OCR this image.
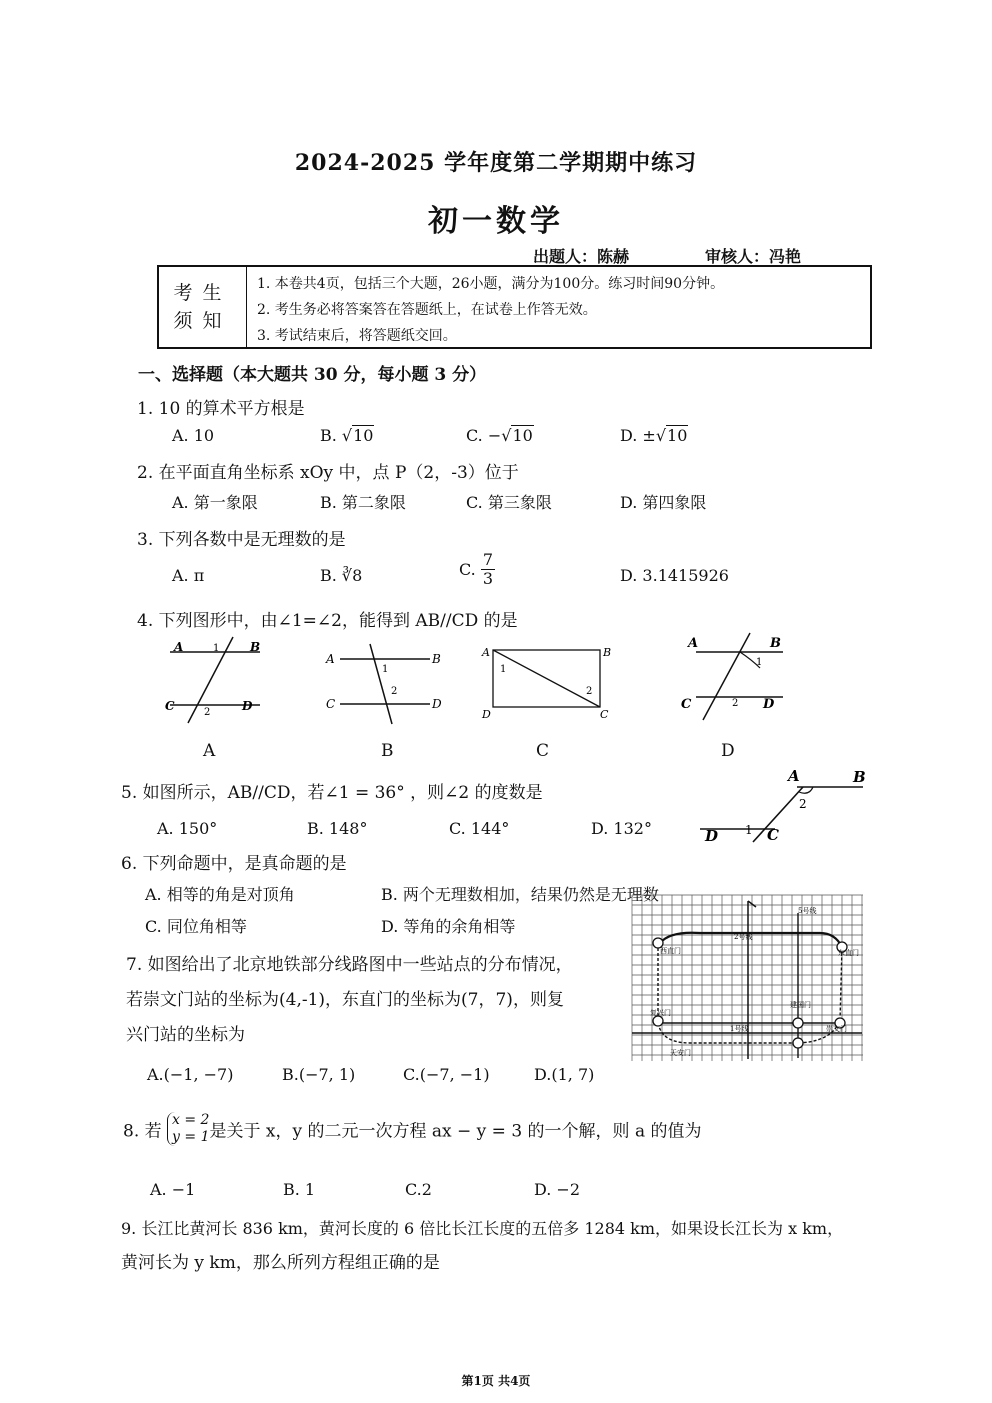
2024-2025 学年度第二学期期中练习
初一数学
出题人：陈赫	审核人：冯艳
考生
须知
1. 本卷共4页，包括三个大题，26小题，满分为100分。练习时间90分钟。
2. 考生务必将答案答在答题纸上，在试卷上作答无效。
3. 考试结束后，将答题纸交回。
一、选择题（本大题共 30 分，每小题 3 分）
1. 10 的算术平方根是
A. 10	B. √10	C. −√10	D. ±√10
2. 在平面直角坐标系 xOy 中，点 P（2，-3）位于
A. 第一象限	B. 第二象限	C. 第三象限	D. 第四象限
3. 下列各数中是无理数的是
A. π	B. ∛8	C. $\frac{7}{3}$	D. 3.1415926
4. 下列图形中，由∠1=∠2，能得到 AB//CD 的是
A	B
C	D
1
2
A	B
C	D
1
2
A	B
D	C
1
2
A	B
C	D
1
2
A	B	C	D
5. 如图所示，AB//CD，若∠1 = 36° ，则∠2 的度数是
A. 150°	B. 148°	C. 144°	D. 132°
A	B
D	C
1
2
6. 下列命题中，是真命题的是
A. 相等的角是对顶角	B. 两个无理数相加，结果仍然是无理数
C. 同位角相等	D. 等角的余角相等
7. 如图给出了北京地铁部分线路图中一些站点的分布情况，
若崇文门站的坐标为(4,-1)，东直门的坐标为(7，7)，则复
兴门站的坐标为
A.(−1, −7)	B.(−7, 1)	C.(−7, −1)	D.(1, 7)
5号线
2号线
西直门	东直门
复兴门
1号线
天安门
建国门
崇文门
8. 若 x = 2
y = 1是关于 x，y 的二元一次方程 ax − y = 3 的一个解，则 a 的值为
A. −1	B. 1	C.2	D. −2
9. 长江比黄河长 836 km，黄河长度的 6 倍比长江长度的五倍多 1284 km，如果设长江长为 x km，
黄河长为 y km，那么所列方程组正确的是
第1页 共4页
